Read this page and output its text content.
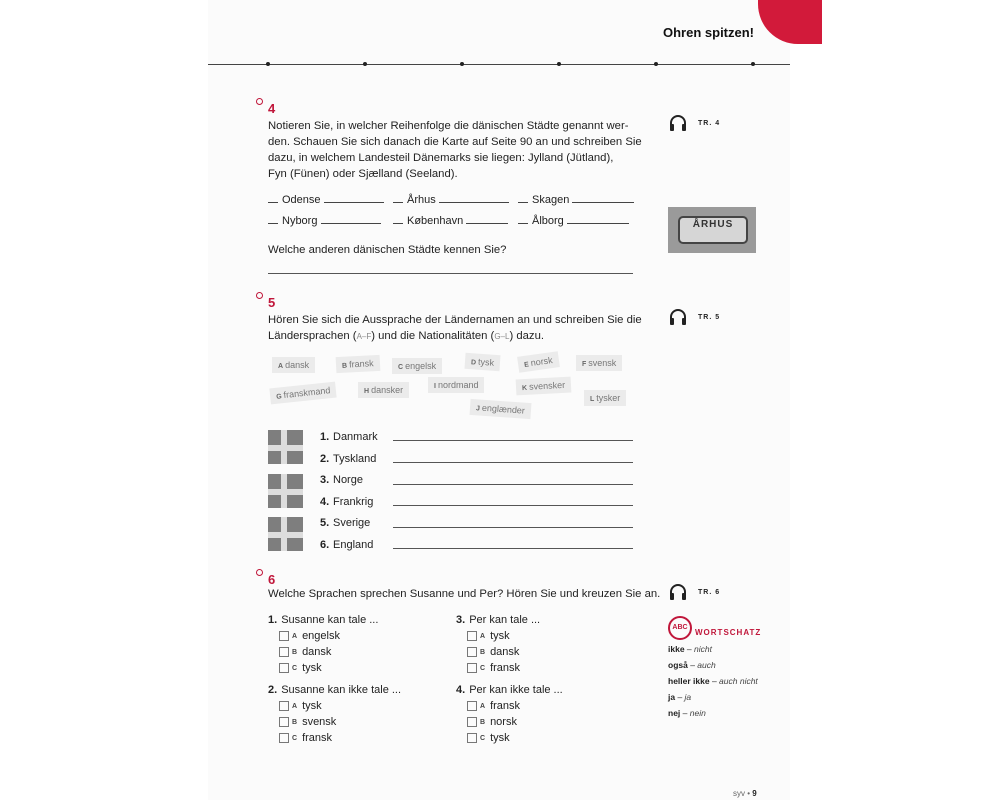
Ohren spitzen!
4
Notieren Sie, in welcher Reihenfolge die dänischen Städte genannt wer-
den. Schauen Sie sich danach die Karte auf Seite 90 an und schreiben Sie
dazu, in welchem Landesteil Dänemarks sie liegen: Jylland (Jütland),
Fyn (Fünen) oder Sjælland (Seeland).
TR. 4
Odense	Århus	Skagen
Nyborg	København	Ålborg
Welche anderen dänischen Städte kennen Sie?
ÅRHUS
5
Hören Sie sich die Aussprache der Ländernamen an und schreiben Sie die
Ländersprachen (A–F) und die Nationalitäten (G–L) dazu.
TR. 5
A dansk	Bfransk	C engelsk	D tysk	Enorsk	F svensk
Gfranskmand	H dansker	I nordmand	Ksvensker
J englænder
L tysker
1. Danmark
2. Tyskland
3. Norge
4. Frankrig
5. Sverige
6. England
6
Welche Sprachen sprechen Susanne und Per? Hören Sie und kreuzen Sie an.	TR. 6
1. Susanne kan tale ...
A engelsk
B dansk
C tysk
2. Susanne kan ikke tale ...
A tysk
B svensk
C fransk
3. Per kan tale ...
A tysk
B dansk
C fransk
4. Per kan ikke tale ...
A fransk
B norsk
C tysk
ABC
WORTSCHATZ
ikke – nicht
også – auch
heller ikke – auch nicht
ja – ja
nej – nein
syv • 9
